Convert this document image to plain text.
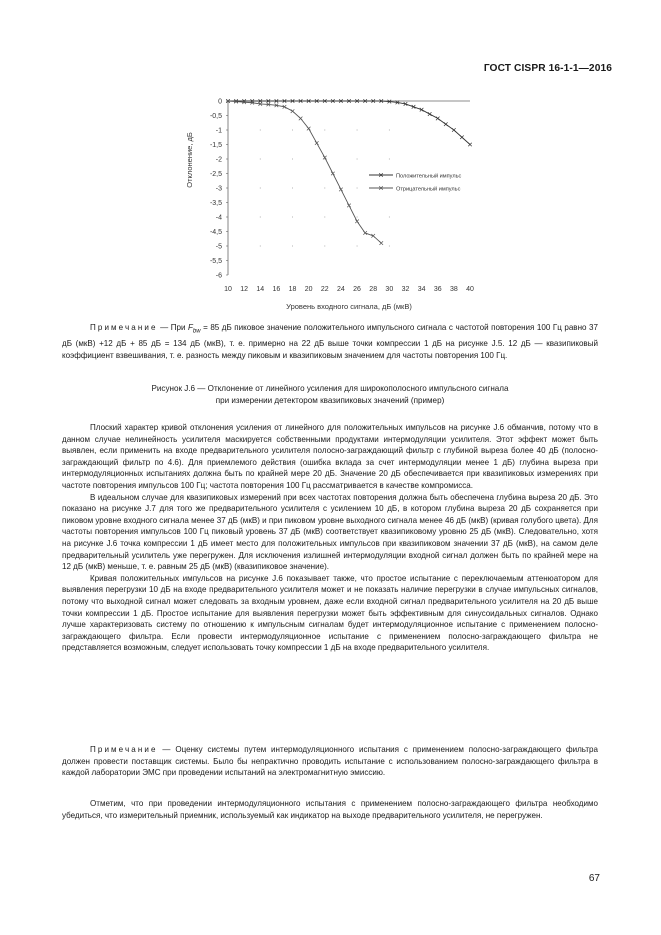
ГОСТ CISPR 16-1-1—2016
0
-0,5
-1
-1,5
-2
-2,5
-3
-3,5
-4
-4,5
-5
-5,5
-6
10 12 14 16 18 20 22 24 26 28 30 32 34 36 38 40
Уровень входного сигнала, дБ (мкВ)
Отклонение, дБ	Положительный импульс
Отрицательный импульс

Примечание — При $F_{bw} = 85$ дБ пиковое значение положительного импульсного сигнала с частотой повторения 100 Гц равно 37 дБ (мкВ) +12 дБ + 85 дБ = 134 дБ (мкВ), т. е. примерно на 22 дБ выше точки компрессии 1 дБ на рисунке J.5. 12 дБ — квазипиковый коэффициент взвешивания, т. е. разность между пиковым и квазипиковым значением для частоты повторения 100 Гц.

Рисунок J.6 — Отклонение от линейного усиления для широкополосного импульсного сигнала
при измерении детектором квазипиковых значений (пример)

Плоский характер кривой отклонения усиления от линейного для положительных импульсов на рисунке J.6 обманчив, потому что в данном случае нелинейность усилителя маскируется собственными продуктами интермодуляции усилителя. Этот эффект может быть выявлен, если применить на входе предварительного усилителя полосно-заграждающий фильтр с глубиной выреза более 40 дБ (полосно-заграждающий фильтр по 4.6). Для приемлемого действия (ошибка вклада за счет интермодуляции менее 1 дБ) глубина выреза при интермодуляционных испытаниях должна быть по крайней мере 20 дБ. Значение 20 дБ обеспечивается при квазипиковых измерениях при частоте повторения импульсов 100 Гц; частота повторения 100 Гц рассматривается в качестве компромисса.

В идеальном случае для квазипиковых измерений при всех частотах повторения должна быть обеспечена глубина выреза 20 дБ. Это показано на рисунке J.7 для того же предварительного усилителя с усилением 10 дБ, в котором глубина выреза 20 дБ сохраняется при пиковом уровне входного сигнала менее 37 дБ (мкВ) и при пиковом уровне выходного сигнала менее 46 дБ (мкВ) (кривая голубого цвета). Для частоты повторения импульсов 100 Гц пиковый уровень 37 дБ (мкВ) соответствует квазипиковому уровню 25 дБ (мкВ). Следовательно, хотя на рисунке J.6 точка компрессии 1 дБ имеет место для положительных импульсов при квазипиковом значении 37 дБ (мкВ), на самом деле предварительный усилитель уже перегружен. Для исключения излишней интермодуляции входной сигнал должен быть по крайней мере на 12 дБ (мкВ) меньше, т. е. равным 25 дБ (мкВ) (квазипиковое значение).

Кривая положительных импульсов на рисунке J.6 показывает также, что простое испытание с переключаемым аттенюатором для выявления перегрузки 10 дБ на входе предварительного усилителя может и не показать наличие перегрузки в случае импульсных сигналов, потому что выходной сигнал может следовать за входным уровнем, даже если входной сигнал предварительного усилителя на 20 дБ выше точки компрессии 1 дБ. Простое испытание для выявления перегрузки может быть эффективным для синусоидальных сигналов. Однако лучше характеризовать систему по отношению к импульсным сигналам будет интермодуляционное испытание с применением полосно-заграждающего фильтра. Если провести интермодуляционное испытание с применением полосно-заграждающего фильтра не представляется возможным, следует использовать точку компрессии 1 дБ на входе предварительного усилителя.

Примечание — Оценку системы путем интермодуляционного испытания с применением полосно-заграждающего фильтра должен провести поставщик системы. Было бы непрактично проводить испытание с использованием полосно-заграждающего фильтра в каждой лаборатории ЭМС при проведении испытаний на электромагнитную эмиссию.

Отметим, что при проведении интермодуляционного испытания с применением полосно-заграждающего фильтра необходимо убедиться, что измерительный приемник, используемый как индикатор на выходе предварительного усилителя, не перегружен.

67
